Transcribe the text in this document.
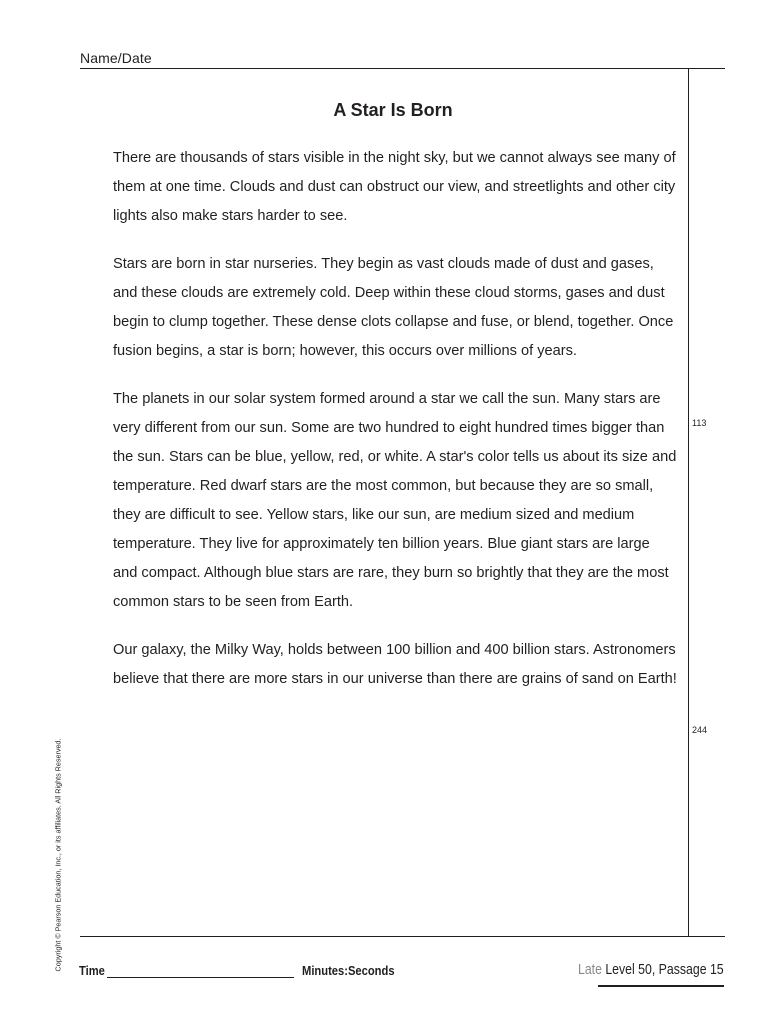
Name/Date
A Star Is Born

There are thousands of stars visible in the night sky, but we cannot always see many of them at one time. Clouds and dust can obstruct our view, and streetlights and other city lights also make stars harder to see.

Stars are born in star nurseries. They begin as vast clouds made of dust and gases, and these clouds are extremely cold. Deep within these cloud storms, gases and dust begin to clump together. These dense clots collapse and fuse, or blend, together. Once fusion begins, a star is born; however, this occurs over millions of years.

The planets in our solar system formed around a star we call the sun. Many stars are very different from our sun. Some are two hundred to eight hundred times bigger than the sun. Stars can be blue, yellow, red, or white. A star's color tells us about its size and temperature. Red dwarf stars are the most common, but because they are so small, they are difficult to see. Yellow stars, like our sun, are medium sized and medium temperature. They live for approximately ten billion years. Blue giant stars are large and compact. Although blue stars are rare, they burn so brightly that they are the most common stars to be seen from Earth.

Our galaxy, the Milky Way, holds between 100 billion and 400 billion stars. Astronomers believe that there are more stars in our universe than there are grains of sand on Earth!

113
244
Copyright © Pearson Education, Inc., or its affiliates. All Rights Reserved. Time	Minutes:Seconds	Late Level 50, Passage 15
